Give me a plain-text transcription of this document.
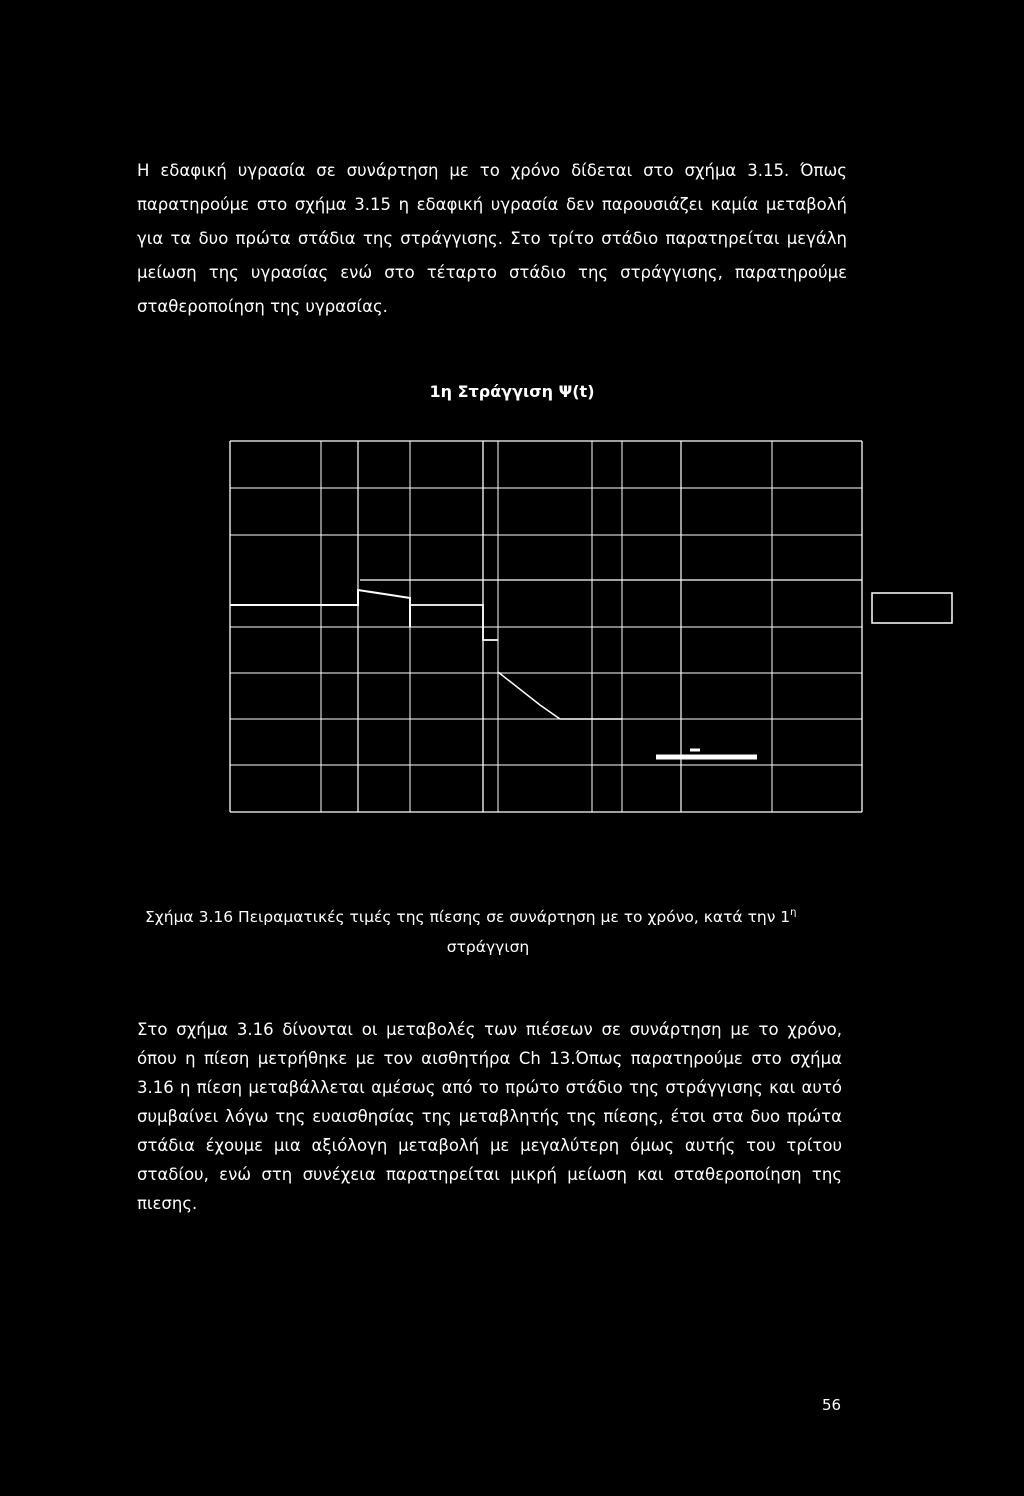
Η εδαφική υγρασία σε συνάρτηση με το χρόνο δίδεται στο σχήμα 3.15. Όπως
παρατηρούμε στο σχήμα 3.15 η εδαφική υγρασία δεν παρουσιάζει καμία μεταβολή
για τα δυο πρώτα στάδια της στράγγισης. Στο τρίτο στάδιο παρατηρείται μεγάλη
μείωση της υγρασίας ενώ στο τέταρτο στάδιο της στράγγισης, παρατηρούμε
σταθεροποίηση της υγρασίας.

1η Στράγγιση Ψ(t)
Σχήμα 3.16 Πειραματικές τιμές της πίεσης σε συνάρτηση με το χρόνο, κατά την $1^\eta$
στράγγιση

Στο σχήμα 3.16 δίνονται οι μεταβολές των πιέσεων σε συνάρτηση με το χρόνο,
όπου η πίεση μετρήθηκε με τον αισθητήρα Ch 13.Όπως παρατηρούμε στο σχήμα
3.16 η πίεση μεταβάλλεται αμέσως από το πρώτο στάδιο της στράγγισης και αυτό
συμβαίνει λόγω της ευαισθησίας της μεταβλητής της πίεσης, έτσι στα δυο πρώτα
στάδια έχουμε μια αξιόλογη μεταβολή με μεγαλύτερη όμως αυτής του τρίτου
σταδίου, ενώ στη συνέχεια παρατηρείται μικρή μείωση και σταθεροποίηση της
πιεσης.

56
